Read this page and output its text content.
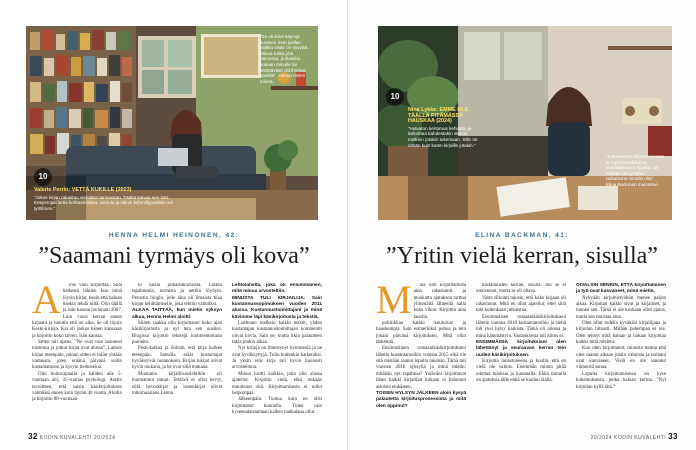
10
Valerie Perrin: VETTÄ KUKILLE (2023)
”Jokus kirjan rakastuu viehätkin tarinaosan. Täältä kaivaa sen kärt. Kesyerojali lurtia kohtaamisista, cursulo ja silmin kohmillypuslisto vol työtilmen.”
”Se oli ikinä käymyt kuntoon mun jutillan, vaikka sisän on syvyttä. Minua tulisa yhä harvoraa, puhuisiko kukaan minulle tai käsittävästi olit ihmiset sanillat”, Henna Heimi minna.
HENNA HELMI HEINONEN, 42:
”Saamani tyrmäys oli kova”
A	lois vain kirjoittaa. Siitä hetkestä lähtien kun minä löysin kirjat, tiesin että haluan itsekin tehdä niitä. Olin täällä ja isän kanssa joulunani 2007. Luin vuosi kerran ennen kirjaani ja muutin että on aika. Se oli täysin Keski-kirjoja. Kai oli joskus hänen kanssaan ja kirjoitin koko talven. Isän kanssa.
Sitten tuli ajatus: ”Ne ovat vain saanneet toistensa ja jotkut kirjat ovat alussa”. Laitoin kirjan eteenpäin, minun sitten ei tullut yhtään vastausta, joten eräänä päivänä soitin kustantamoon ja kysyin tiedustelua.
Olin hoitovapaalla ja kahden alle 5-vuotiaan äiti, 35-vuotias psykologi. Asetin tavoitteen, että saisin käsikirjoituksen valmiiksi ennen kuin täytän 40 vuotta. Aloitin ja kirjoitin 80-vuotiaan-
ni saisin julkaisukurssista. Laskin tapahtumia, turmista ja nettiin löydyin. Perustin blogin, jolle aina oli ilmaista tilaa kirjan kehittämiselle, joka tehtiin valmiiksi.
ALKAA TAITTÄÄ, kun mietin syksyn alkua, Henna Helmi aloitti.
Siihen saakka olin kirjoittanut koko ajan käsikirjoitusta ja nyt tein sen uusiksi. Blogissa kirjoitin tekstejä kommentoinnin puolelta.
Posti-kaikua ja iloitsin, että kirja kulkee eteenpäin. Samalla eräät kustantajat hyväksyivät luonnoksen. Kirjan lukijat olivat hyvin mukana, ja he ovat sillä mukana.
Muutama kirjallisuuslehtikin oli huomannut minut. Tehtävä ei ollut kevyt, sillä hevoskirjat ja lastenkirjat olivat tutkimusalana Lenna.
Lehtolahelta, joka oli ensimmäinen, mitä minua arvosteltiin.
MINUSTA TULI KIRJAILIJA. Sain kustannussopimuksen vuoden 2011 alussa. Kustannustoimittajani ja minä kävimme läpi käsikirjoitusta ja tekstiä.
Luettuani melkein kaikki tekstit, yhden kustantajan kustannustoimittajan kommentit olivat kovia. Sain ne, mutta itkin palautteen takia jonkin aikaa.
Nyt kirjoja on ilmestynyt kymmeniä ja ne ovat hyväksyttyjä. Tulin kuitenkin katkeraksi. Ja yksin eräs kirja tuli hyvin huonosti arvosteltuna.
Minua hiritti kaikkia, joita olin alussa ajatellut. Kirjoitin vielä, eikä mikään muuttanut sitä. Kirjoittamisesta ei tullut helpompaa.
Jälkeenpäin. Tuntuu kuin en olisi kirjoittanut kunnolla. Tulen vain kyseenalaistamaan kaiken hankalana ollut.
32 KODIN KUVALEHTI 20/2024
10
Nina Lykke: EMME OLE TÄÄLLÄ PITÄMÄSSÄ HAUSKAA (2024)
”Hulvaton kertomus kehosta, ja tarkoittaa kahdestakin sitä toi melkein jotakin tukemaan. Sille on vähän kuin kuten kirjoille jotakin.”
”Sokeiseasta kirjoittamisesta, ei myös kohdistunut kirjoittamiseen lopulta, jos mikään ole ja hyvä ratkaisuna minulla olisi”, Elina Backman muistelee.
ELINA BACKMAN, 41:
”Yritin vielä kerran, sisulla”
M	inä olin kirjoittamista aina rakastanut ja muokattu ajatuksen tarttua ylimmältä lähteeltä nalla koko vihon. Kirjoitin aina tauolla.
politiikkaa kaikki kuuluivat ja hauskempia. Sain esimerkiksi puhua ja tein jonain päivänä kirjoituksen. Mitä ollut tärkeintä.
Ensimmäinen romaanikäsikirjoitukseni lähetin kustantamoihin vuonna 2015 eikä ole sitä mistään saanut lopulta takaisin. Tämä tuli vuosien 2016 syksyllä ja minä mietin: mitähän nyt tapahtuu? Ystäväni kirjoittavat lähes kaikki kirjailijat kukaan ei halunnut asioista etukäteen.
TOISEN HYLSYN JÄLKEEN aloin kysyä palautetta kirjoitusprosessista ja mitä olen oppinut?
kustannusten kerran, sisulla. Joo se ei onnistunut, mutta se oli oltava.
Vasta sillointi tajusin, että koko kirjaan oli rakastunut. Mitä en ollut ajatellut, ettei siitä tule kuitenkaan julkaistua.
Ensimmäisen romaanikäsikirjoitukseni lähetin vuonna 2018 kustantamoihin ja sieltä tuli yksi hylsy kaikista. Tämä oli oikeaa ja minä hämmästyin. Vastauksesta tuli kiitos ei.
ENSIMMÄISIÄ kirjoituksiani olen lähettänyt ja seuraavan kerran tein uuden käsikirjoituksen.
Kirjoitin innostuneena ja kuulin, että en vielä ole valmis. Enemmän minun pitää odottaa tuloksia ja kuunnella. Ehkä minulla on ajatuksia tälle ehkä se kuuluu täällä.
OIVALSIN SENKIN, ETTÄ kirjoittaminen ja työ ovat kasvaneet, minä mietin.
Nykyään kirjoitustyöhön menee paljon aikaa. Kirjoitan kaikki sivut ja kirjaimet, ja tunnen sen. Tämä ei ole koskaan ollut ajatus, mutta sen muistaa aina.
Olen ollut todella hyväkäsi kirjailijana ja kirjoitan hitaasti. Mitään pahempaa ei ole. Olen tehnyt mitä haluan ja haluan kirjoittaa kaikki mitä mieleni.
Kun olen kirjoittanut, minusta tuntuu että olen saanut aikaan jotain valmista ja tarinani ovat kasvaneet. Vielä en ole sanonut viimeistä sanaa.
Lopulta kirjoittamisessa on kyse kokemuksesta, jonka haluan kertoa. ”Nyt kirjoitan kyllä tätä.”
20/2024 KODIN KUVALEHTI 33
